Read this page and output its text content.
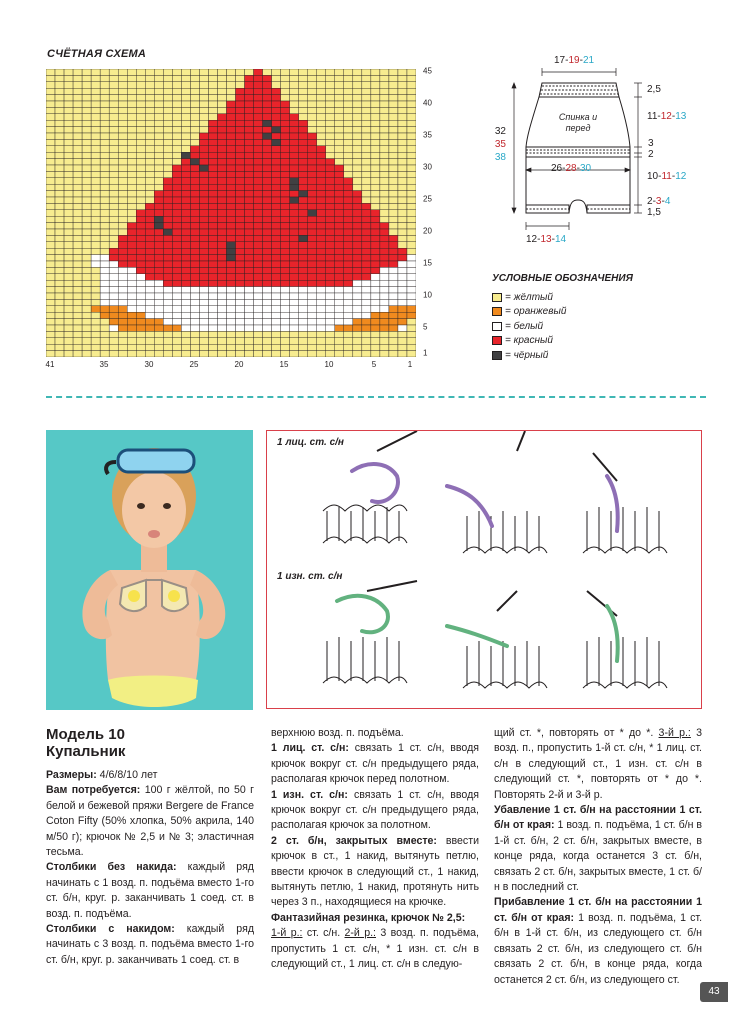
СЧЁТНАЯ СХЕМА
45
40
35
30
25
20
15
10
5
1
41	35	30	25	20	15	10	5	1
17-19-21
2,5
11-12-13
32
35
38
Спинка и перед
3
2
26-28-30
10-11-12
2-3-4
1,5
12-13-14
УСЛОВНЫЕ ОБОЗНАЧЕНИЯ
= жёлтый
= оранжевый
= белый
= красный
= чёрный
1 лиц. ст. с/н
1 изн. ст. с/н
Модель 10
Купальник

Размеры: 4/6/8/10 лет

Вам потребуется: 100 г жёлтой, по 50 г белой и бежевой пряжи Bergere de France Coton Fifty (50% хлопка, 50% акрила, 140 м/50 г); крючок № 2,5 и № 3; эластичная тесьма.

Столбики без накида: каждый ряд начинать с 1 возд. п. подъёма вместо 1-го ст. б/н, круг. р. заканчивать 1 соед. ст. в возд. п. подъёма.

Столбики с накидом: каждый ряд начинать с 3 возд. п. подъёма вместо 1-го ст. б/н, круг. р. заканчивать 1 соед. ст. в

верхнюю возд. п. подъёма.

1 лиц. ст. с/н: связать 1 ст. с/н, вводя крючок вокруг ст. с/н предыдущего ряда, располагая крючок перед полотном.

1 изн. ст. с/н: связать 1 ст. с/н, вводя крючок вокруг ст. с/н предыдущего ряда, располагая крючок за полотном.

2 ст. б/н, закрытых вместе: ввести крючок в ст., 1 накид, вытянуть петлю, ввести крючок в следующий ст., 1 накид, вытянуть петлю, 1 накид, протянуть нить через 3 п., находящиеся на крючке.

Фантазийная резинка, крючок № 2,5:
1-й р.: ст. с/н. 2-й р.: 3 возд. п. подъёма, пропустить 1 ст. с/н, * 1 изн. ст. с/н в следующий ст., 1 лиц. ст. с/н в следую-

щий ст. *, повторять от * до *. 3-й р.: 3 возд. п., пропустить 1-й ст. с/н, * 1 лиц. ст. с/н в следующий ст., 1 изн. ст. с/н в следующий ст. *, повторять от * до *. Повторять 2-й и 3-й р.

Убавление 1 ст. б/н на расстоянии 1 ст. б/н от края: 1 возд. п. подъёма, 1 ст. б/н в 1-й ст. б/н, 2 ст. б/н, закрытых вместе, в конце ряда, когда останется 3 ст. б/н, связать 2 ст. б/н, закрытых вместе, 1 ст. б/н в последний ст.

Прибавление 1 ст. б/н на расстоянии 1 ст. б/н от края: 1 возд. п. подъёма, 1 ст. б/н в 1-й ст. б/н, из следующего ст. б/н связать 2 ст. б/н, из следующего ст. б/н связать 2 ст. б/н, в конце ряда, когда останется 2 ст. б/н, из следующего ст.

43
